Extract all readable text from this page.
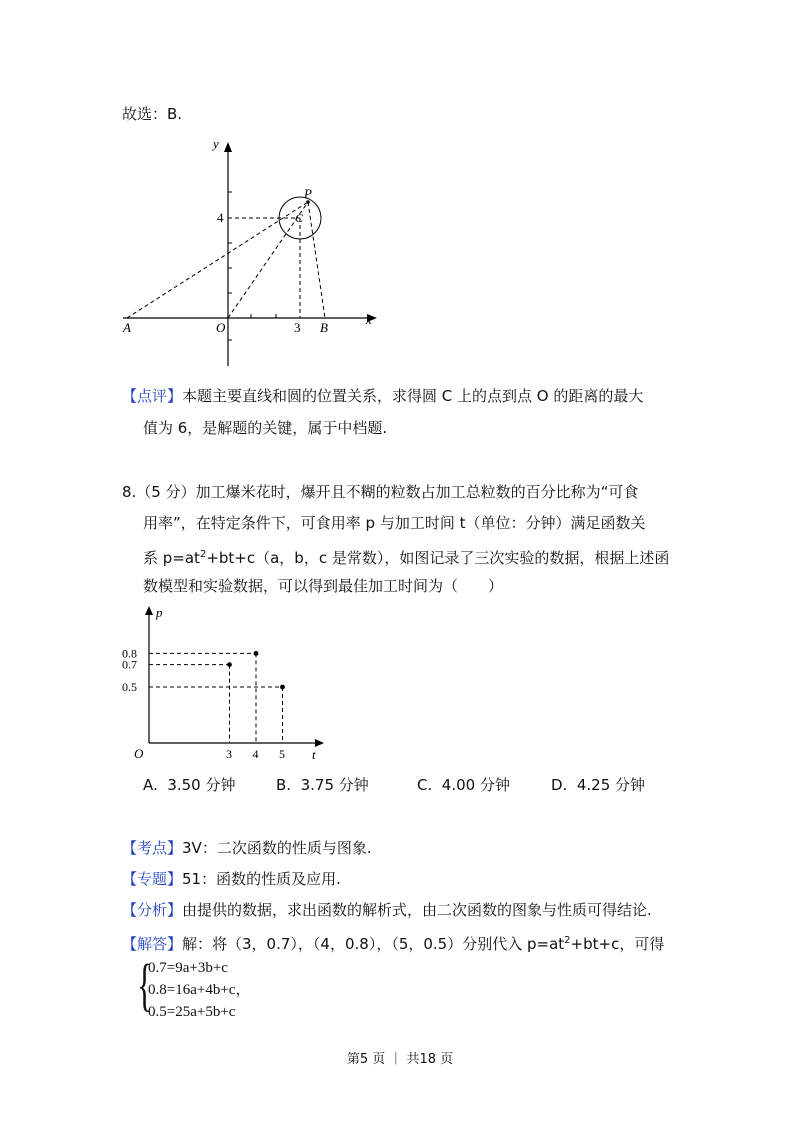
故选：B.
x
y
A	O	3 B
4
P
C
【点评】本题主要直线和圆的位置关系，求得圆 C 上的点到点 O 的距离的最大
值为 6，是解题的关键，属于中档题.
8.（5 分）加工爆米花时，爆开且不糊的粒数占加工总粒数的百分比称为“可食
用率”，在特定条件下，可食用率 p 与加工时间 t（单位：分钟）满足函数关
系 $p=at^2+bt+c(a$，b，c 是常数），如图记录了三次实验的数据，根据上述函
数模型和实验数据，可以得到最佳加工时间为（　　）
p
t
O	3 4 5
0.8
0.7
0.5
A. 3.50 分钟	B. 3.75 分钟	C. 4.00 分钟	D. 4.25 分钟
【考点】3V：二次函数的性质与图象.
【专题】51：函数的性质及应用.
【分析】由提供的数据，求出函数的解析式，由二次函数的图象与性质可得结论.
【解答】解：将（3，0.7），（4，0.8），（5，0.5）分别代入 $p=at^2+bt+c$，可得
{
0.7=9a+3b+c
0.8=16a+4b+c，
0.5=25a+5b+c
第5 页 ｜ 共18 页
